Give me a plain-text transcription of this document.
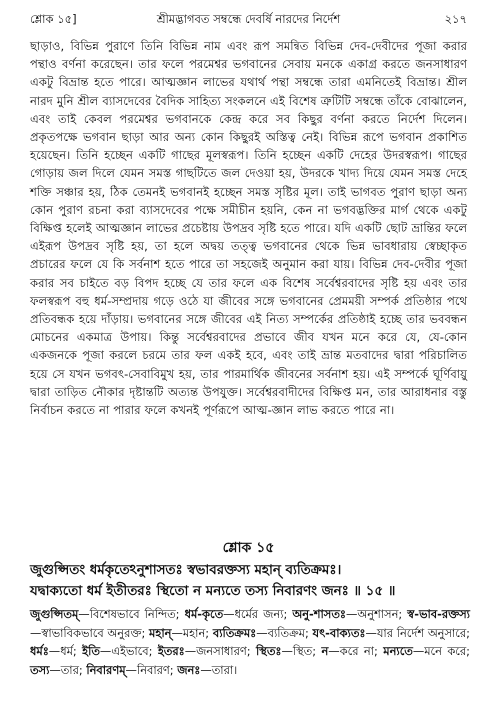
শ্লোক ১৫]	শ্রীমদ্ভাগবত সম্বন্ধে দেবর্ষি নারদের নির্দেশ	২১৭

ছাড়াও, বিভিন্ন পুরাণে তিনি বিভিন্ন নাম এবং রূপ সমন্বিত বিভিন্ন দেব-দেবীদের পূজা করার পন্থাও বর্ণনা করেছেন। তার ফলে পরমেশ্বর ভগবানের সেবায় মনকে একাগ্র করতে জনসাধারণ একটু বিভ্রান্ত হতে পারে। আত্মজ্ঞান লাভের যথার্থ পন্থা সম্বন্ধে তারা এমনিতেই বিভ্রান্ত। শ্রীল নারদ মুনি শ্রীল ব্যাসদেবের বৈদিক সাহিত্য সংকলনে এই বিশেষ ত্রুটিটি সম্বন্ধে তাঁকে বোঝালেন, এবং তাই কেবল পরমেশ্বর ভগবানকে কেন্দ্র করে সব কিছুর বর্ণনা করতে নির্দেশ দিলেন। প্রকৃতপক্ষে ভগবান ছাড়া আর অন্য কোন কিছুরই অস্তিত্ব নেই। বিভিন্ন রূপে ভগবান প্রকাশিত হয়েছেন। তিনি হচ্ছেন একটি গাছের মূলস্বরূপ। তিনি হচ্ছেন একটি দেহের উদরস্বরূপ। গাছের গোড়ায় জল দিলে যেমন সমস্ত গাছটিতে জল দেওয়া হয়, উদরকে খাদ্য দিয়ে যেমন সমস্ত দেহে শক্তি সঞ্চার হয়, ঠিক তেমনই ভগবানই হচ্ছেন সমস্ত সৃষ্টির মূল। তাই ভাগবত পুরাণ ছাড়া অন্য কোন পুরাণ রচনা করা ব্যাসদেবের পক্ষে সমীচীন হয়নি, কেন না ভগবদ্ভক্তির মার্গ থেকে একটু বিক্ষিপ্ত হলেই আত্মজ্ঞান লাভের প্রচেষ্টায় উপদ্রব সৃষ্টি হতে পারে। যদি একটি ছোট ভ্রান্তির ফলে এইরূপ উপদ্রব সৃষ্টি হয়, তা হলে অদ্বয় তত্ত্ব ভগবানের থেকে ভিন্ন ভাবধারায় স্বেচ্ছাকৃত প্রচারের ফলে যে কি সর্বনাশ হতে পারে তা সহজেই অনুমান করা যায়। বিভিন্ন দেব-দেবীর পূজা করার সব চাইতে বড় বিপদ হচ্ছে যে তার ফলে এক বিশেষ সর্বেশ্বরবাদের সৃষ্টি হয় এবং তার ফলস্বরূপ বহু ধর্ম-সম্প্রদায় গড়ে ওঠে যা জীবের সঙ্গে ভগবানের প্রেমময়ী সম্পর্ক প্রতিষ্ঠার পথে প্রতিবন্ধক হয়ে দাঁড়ায়। ভগবানের সঙ্গে জীবের এই নিত্য সম্পর্কের প্রতিষ্ঠাই হচ্ছে তার ভববন্ধন মোচনের একমাত্র উপায়। কিন্তু সর্বেশ্বরবাদের প্রভাবে জীব যখন মনে করে যে, যে-কোন একজনকে পূজা করলে চরমে তার ফল একই হবে, এবং তাই ভ্রান্ত মতবাদের দ্বারা পরিচালিত হয়ে সে যখন ভগবৎ-সেবাবিমুখ হয়, তার পারমার্থিক জীবনের সর্বনাশ হয়। এই সম্পর্কে ঘূর্ণিবায়ু দ্বারা তাড়িত নৌকার দৃষ্টান্তটি অত্যন্ত উপযুক্ত। সর্বেশ্বরবাদীদের বিক্ষিপ্ত মন, তার আরাধনার বস্তু নির্বাচন করতে না পারার ফলে কখনই পূর্ণরূপে আত্ম-জ্ঞান লাভ করতে পারে না।

শ্লোক ১৫
জুগুপ্সিতং ধর্মকৃতেঽনুশাসতঃ স্বভাবরক্তস্য মহান্‌ ব্যতিক্রমঃ।
যদ্বাক্যতো ধর্ম ইতীতরঃ স্থিতো ন মন্যতে তস্য নিবারণং জনঃ ॥ ১৫ ॥
জুগুপ্সিতম্‌—বিশেষভাবে নিন্দিত; ধর্ম-কৃতে—ধর্মের জন্য; অনু-শাসতঃ—অনুশাসন; স্ব-ভাব-রক্তস্য—স্বাভাবিকভাবে অনুরক্ত; মহান্‌—মহান; ব্যতিক্রমঃ—ব্যতিক্রম; যৎ-বাক্যতঃ—যার নির্দেশ অনুসারে; ধর্মঃ—ধর্ম; ইতি—এইভাবে; ইতরঃ—জনসাধারণ; স্থিতঃ—স্থিত; ন—করে না; মন্যতে—মনে করে; তস্য—তার; নিবারণম্‌—নিবারণ; জনঃ—তারা।
